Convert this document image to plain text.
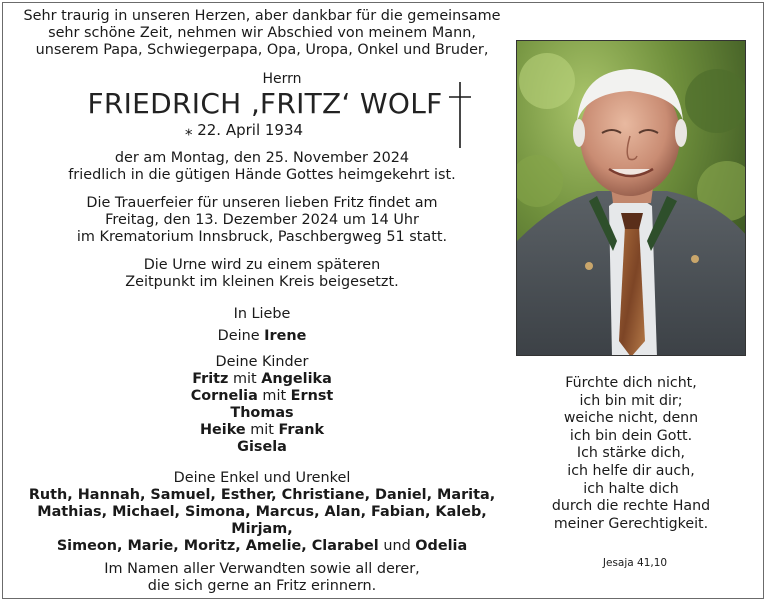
Sehr traurig in unseren Herzen, aber dankbar für die gemeinsame

sehr schöne Zeit, nehmen wir Abschied von meinem Mann,

unserem Papa, Schwiegerpapa, Opa, Uropa, Onkel und Bruder,

Herrn

FRIEDRICH ‚FRITZ‘ WOLF

⁎ 22. April 1934

der am Montag, den 25. November 2024

friedlich in die gütigen Hände Gottes heimgekehrt ist.

Die Trauerfeier für unseren lieben Fritz findet am

Freitag, den 13. Dezember 2024 um 14 Uhr

im Krematorium Innsbruck, Paschbergweg 51 statt.

Die Urne wird zu einem späteren

Zeitpunkt im kleinen Kreis beigesetzt.

In Liebe

Deine Irene

Deine Kinder

Fritz mit Angelika

Cornelia mit Ernst

Thomas

Heike mit Frank

Gisela

Deine Enkel und Urenkel

Ruth, Hannah, Samuel, Esther, Christiane, Daniel, Marita,

Mathias, Michael, Simona, Marcus, Alan, Fabian, Kaleb, Mirjam,

Simeon, Marie, Moritz, Amelie, Clarabel und Odelia

Im Namen aller Verwandten sowie all derer,

die sich gerne an Fritz erinnern.

Fürchte dich nicht,

ich bin mit dir;

weiche nicht, denn

ich bin dein Gott.

Ich stärke dich,

ich helfe dir auch,

ich halte dich

durch die rechte Hand

meiner Gerechtigkeit.

Jesaja 41,10
